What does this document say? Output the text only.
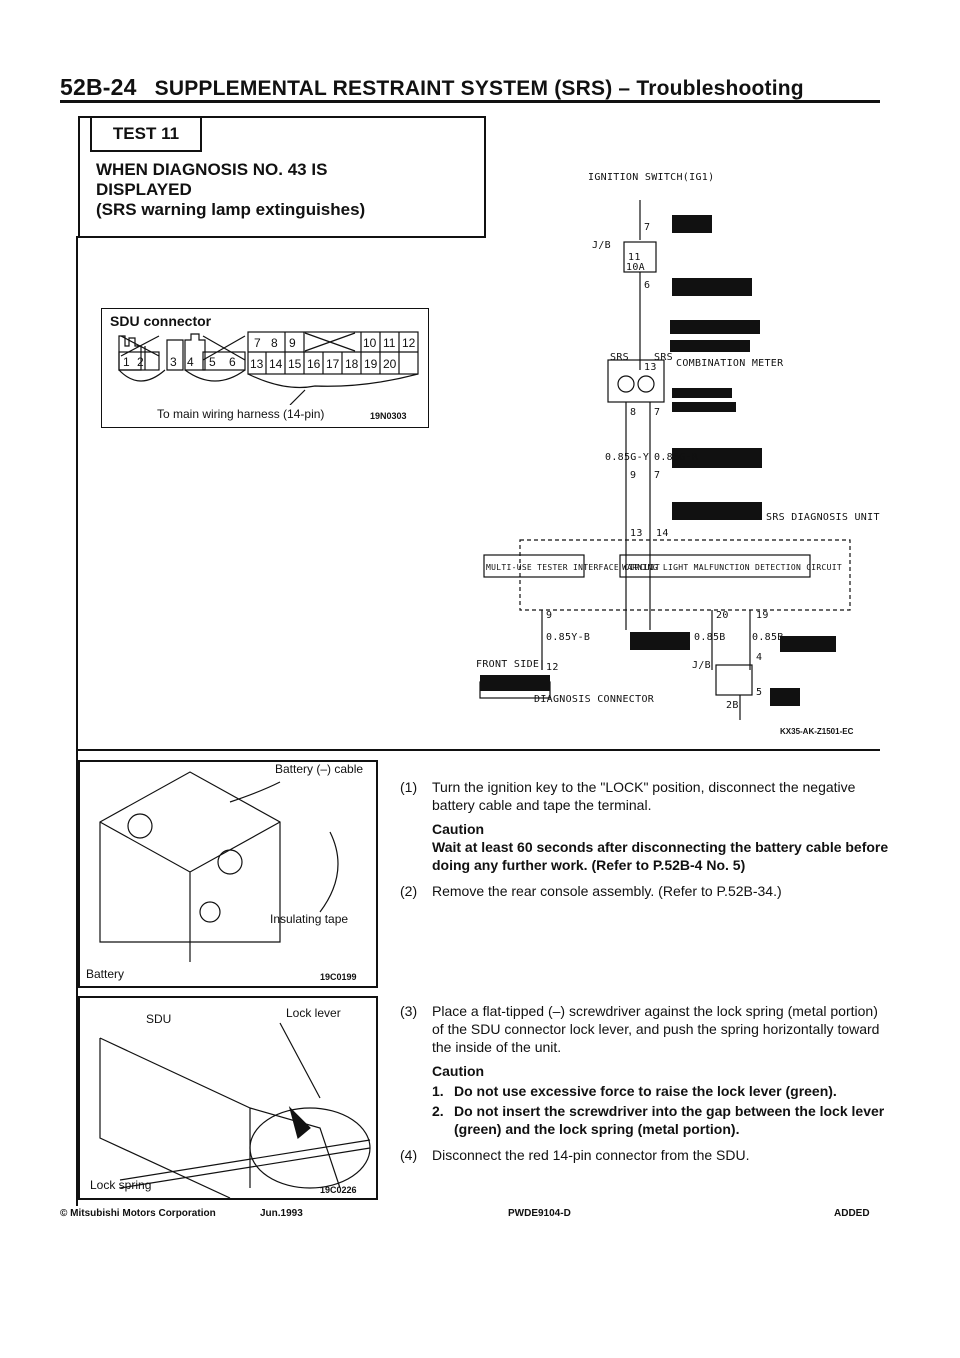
52B-24 SUPPLEMENTAL RESTRAINT SYSTEM (SRS) – Troubleshooting
TEST 11
WHEN DIAGNOSIS NO. 43 IS
DISPLAYED
(SRS warning lamp extinguishes)
SDU connector
1 2 3 4 5 6
7 8 9	10 11 12
13 14 15 16 17 18 19 20
To main wiring harness (14-pin)	19N0303
IGNITION SWITCH(IG1)
J/B
11
10A
7
6
13 COMBINATION METER
SRS	SRS
8 7
0.85G-Y 0.85G-R
9 7
13 14
SRS DIAGNOSIS UNIT
MULTI-USE TESTER INTERFACE CIRCUIT
WARNING LIGHT MALFUNCTION DETECTION CIRCUIT
9	20	19
0.85Y-B	0.85B	0.85B
12
4
5
J/B
FRONT SIDE
DIAGNOSIS CONNECTOR
2B
KX35-AK-Z1501-EC
Battery (–) cable
Insulating tape
Battery	19C0199
SDU	Lock lever
Lock spring	19C0226
(1) Turn the ignition key to the "LOCK" position, disconnect the negative battery cable and tape the terminal.
Caution
Wait at least 60 seconds after disconnecting the battery cable before doing any further work. (Refer to P.52B-4 No. 5)
(2) Remove the rear console assembly. (Refer to P.52B-34.)
(3) Place a flat-tipped (–) screwdriver against the lock spring (metal portion) of the SDU connector lock lever, and push the spring horizontally toward the inside of the unit.
Caution
1. Do not use excessive force to raise the lock lever (green).
2. Do not insert the screwdriver into the gap between the lock lever (green) and the lock spring (metal portion).
(4) Disconnect the red 14-pin connector from the SDU.
© Mitsubishi Motors Corporation	Jun.1993	PWDE9104-D	ADDED
